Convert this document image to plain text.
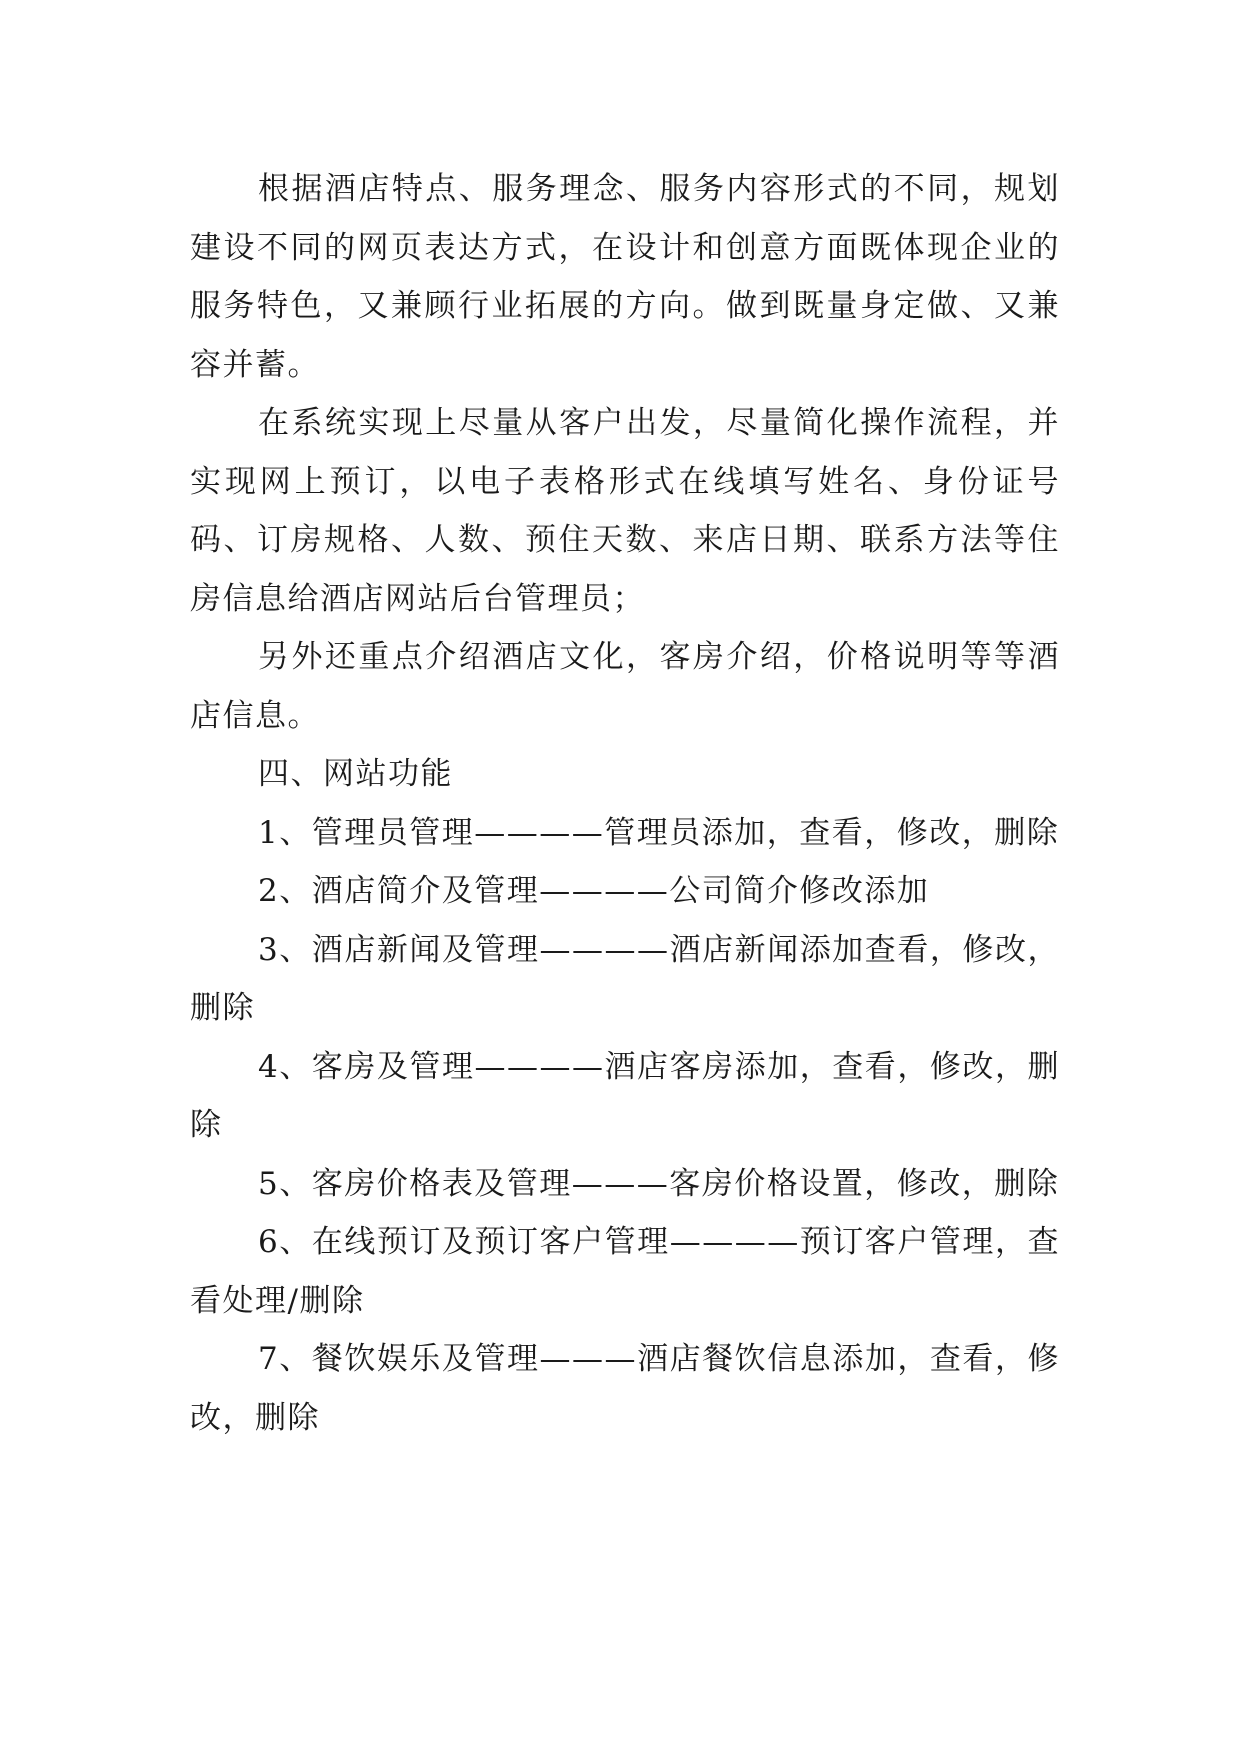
根据酒店特点、服务理念、服务内容形式的不同，规划建设不同的网页表达方式，在设计和创意方面既体现企业的服务特色，又兼顾行业拓展的方向。做到既量身定做、又兼容并蓄。

在系统实现上尽量从客户出发，尽量简化操作流程，并实现网上预订，以电子表格形式在线填写姓名、身份证号码、订房规格、人数、预住天数、来店日期、联系方法等住房信息给酒店网站后台管理员；

另外还重点介绍酒店文化，客房介绍，价格说明等等酒店信息。

四、网站功能

1、管理员管理————管理员添加，查看，修改，删除

2、酒店简介及管理————公司简介修改添加

3、酒店新闻及管理————酒店新闻添加查看，修改，删除

4、客房及管理————酒店客房添加，查看，修改，删除

5、客房价格表及管理———客房价格设置，修改，删除

6、在线预订及预订客户管理————预订客户管理，查看处理/删除

7、餐饮娱乐及管理———酒店餐饮信息添加，查看，修改，删除
